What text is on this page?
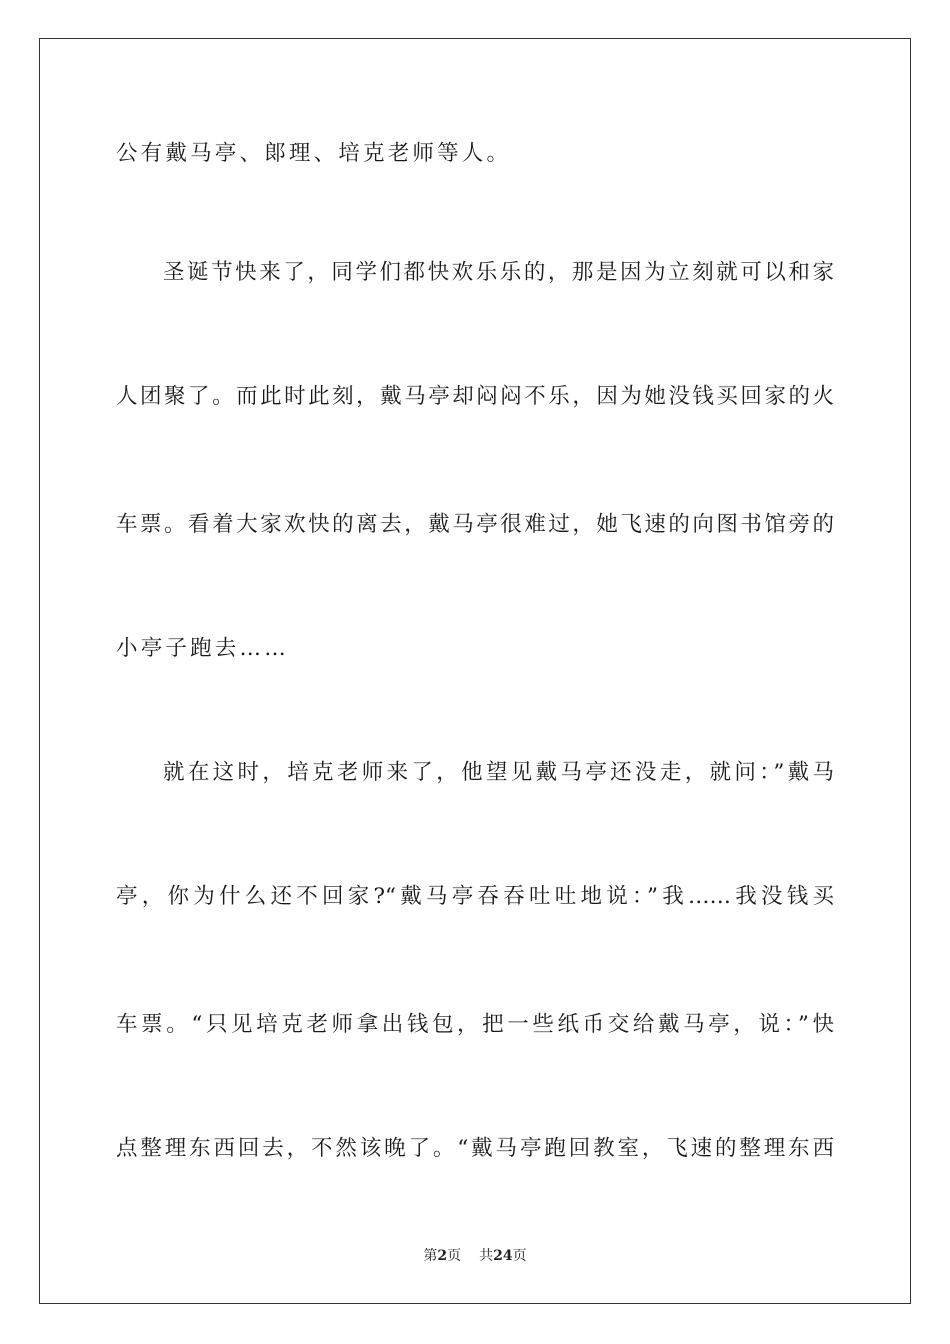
公有戴马亭、郞理、培克老师等人。
圣诞节快来了，同学们都快欢乐乐的，那是因为立刻就可以和家
人团聚了。而此时此刻，戴马亭却闷闷不乐，因为她没钱买回家的火
车票。看着大家欢快的离去，戴马亭很难过，她飞速的向图书馆旁的
小亭子跑去……
就在这时，培克老师来了，他望见戴马亭还没走，就问：”戴马
亭，你为什么还不回家?“戴马亭吞吞吐吐地说：”我……我没钱买
车票。“只见培克老师拿出钱包，把一些纸币交给戴马亭，说：”快
点整理东西回去，不然该晚了。“戴马亭跑回教室，飞速的整理东西
第2页 共24页
